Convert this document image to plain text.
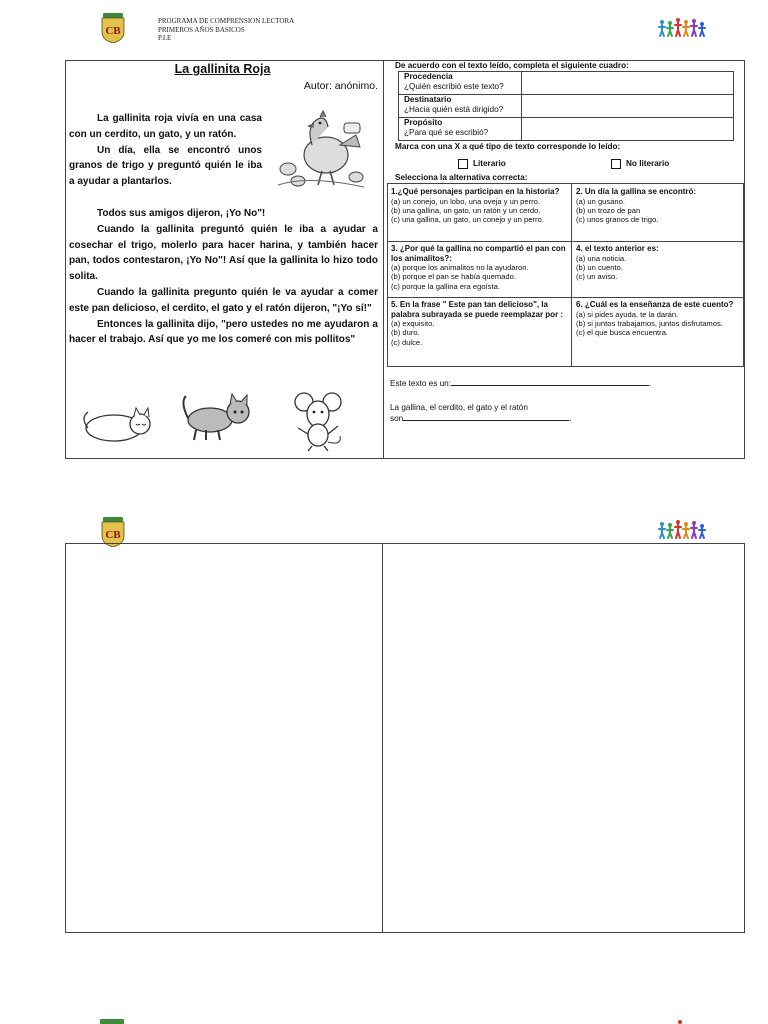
CB
PROGRAMA DE COMPRENSION LECTORA
PRIMEROS AÑOS BASICOS
P.I.E
La gallinita Roja
Autor: anónimo.

La gallinita roja vivía en una casa con un cerdito, un gato, y un ratón.

Un día, ella se encontró unos granos de trigo y preguntó quién le iba a ayudar a plantarlos.

Todos sus amigos dijeron, ¡Yo No"!

Cuando la gallinita preguntó quién le iba a ayudar a cosechar el trigo, molerlo para hacer harina, y también hacer pan, todos contestaron, ¡Yo No"! Así que la gallinita lo hizo todo solita.

Cuando la gallinita pregunto quién le va ayudar a comer este pan delicioso, el cerdito, el gato y el ratón dijeron, "¡Yo sí!"

Entonces la gallinita dijo, "pero ustedes no me ayudaron a hacer el trabajo. Así que yo me los comeré con mis pollitos"

De acuerdo con el texto leído, completa el siguiente cuadro:
Procedencia
¿Quién escribió este texto?	

Destinatario
¿Hacia quién está dirigido?	

Propósito
¿Para qué se escribió?	

Marca con una X a qué tipo de texto corresponde lo leído:
Literario	No literario
Selecciona la alternativa correcta:
1.¿Qué personajes participan en la historia?
(a) un conejo, un lobo, una oveja y un perro.
(b) una gallina, un gato, un ratón y un cerdo.
(c) una gallina, un gato, un conejo y un perro.
2. Un día la gallina se encontró:
(a) un gusano.
(b) un trozo de pan
(c) unos granos de trigo.
3. ¿Por qué la gallina no compartió el pan con los animalitos?:
(a) porque los animalitos no la ayudaron.
(b) porque el pan se había quemado.
(c) porque la gallina era egoísta.
4. el texto anterior es:
(a) una noticia.
(b) un cuento.
(c) un aviso.
5. En la frase " Este pan tan delicioso", la palabra subrayada se puede reemplazar por :
(a) exquisito.
(b) duro.
(c) dulce.
6. ¿Cuál es la enseñanza de este cuento?
(a) si pides ayuda, te la darán.
(b) si juntos trabajamos, juntos disfrutamos.
(c) el que busca encuentra.
Este texto es un:	.
La gallina, el cerdito, el gato y el ratón
son	.
CB
